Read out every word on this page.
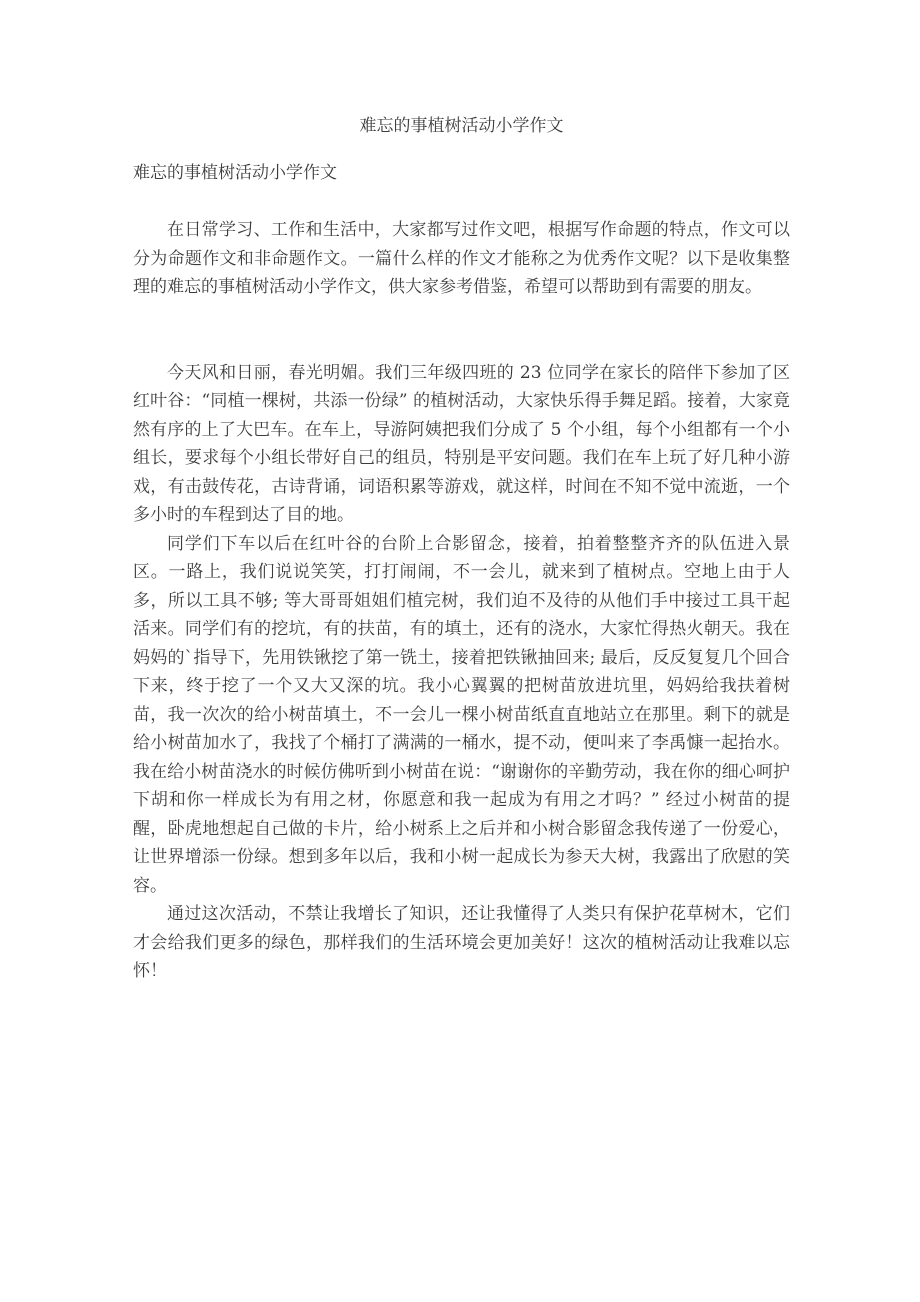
难忘的事植树活动小学作文

难忘的事植树活动小学作文

在日常学习、工作和生活中，大家都写过作文吧，根据写作命题的特点，作文可以分为命题作文和非命题作文。一篇什么样的作文才能称之为优秀作文呢？以下是收集整理的难忘的事植树活动小学作文，供大家参考借鉴，希望可以帮助到有需要的朋友。

今天风和日丽，春光明媚。我们三年级四班的 23 位同学在家长的陪伴下参加了区红叶谷：“同植一棵树，共添一份绿” 的植树活动，大家快乐得手舞足蹈。接着，大家竟然有序的上了大巴车。在车上，导游阿姨把我们分成了 5 个小组，每个小组都有一个小组长，要求每个小组长带好自己的组员，特别是平安问题。我们在车上玩了好几种小游戏，有击鼓传花，古诗背诵，词语积累等游戏，就这样，时间在不知不觉中流逝，一个多小时的车程到达了目的地。

同学们下车以后在红叶谷的台阶上合影留念，接着，拍着整整齐齐的队伍进入景区。一路上，我们说说笑笑，打打闹闹，不一会儿，就来到了植树点。空地上由于人多，所以工具不够; 等大哥哥姐姐们植完树，我们迫不及待的从他们手中接过工具干起活来。同学们有的挖坑，有的扶苗，有的填土，还有的浇水，大家忙得热火朝天。我在妈妈的`指导下，先用铁锹挖了第一铣土，接着把铁锹抽回来; 最后，反反复复几个回合下来，终于挖了一个又大又深的坑。我小心翼翼的把树苗放进坑里，妈妈给我扶着树苗，我一次次的给小树苗填土，不一会儿一棵小树苗纸直直地站立在那里。剩下的就是给小树苗加水了，我找了个桶打了满满的一桶水，提不动，便叫来了李禹慷一起抬水。我在给小树苗浇水的时候仿佛听到小树苗在说：“谢谢你的辛勤劳动，我在你的细心呵护下胡和你一样成长为有用之材，你愿意和我一起成为有用之才吗？” 经过小树苗的提醒，卧虎地想起自己做的卡片，给小树系上之后并和小树合影留念我传递了一份爱心，让世界增添一份绿。想到多年以后，我和小树一起成长为参天大树，我露出了欣慰的笑容。

通过这次活动，不禁让我增长了知识，还让我懂得了人类只有保护花草树木，它们才会给我们更多的绿色，那样我们的生活环境会更加美好！这次的植树活动让我难以忘怀！
